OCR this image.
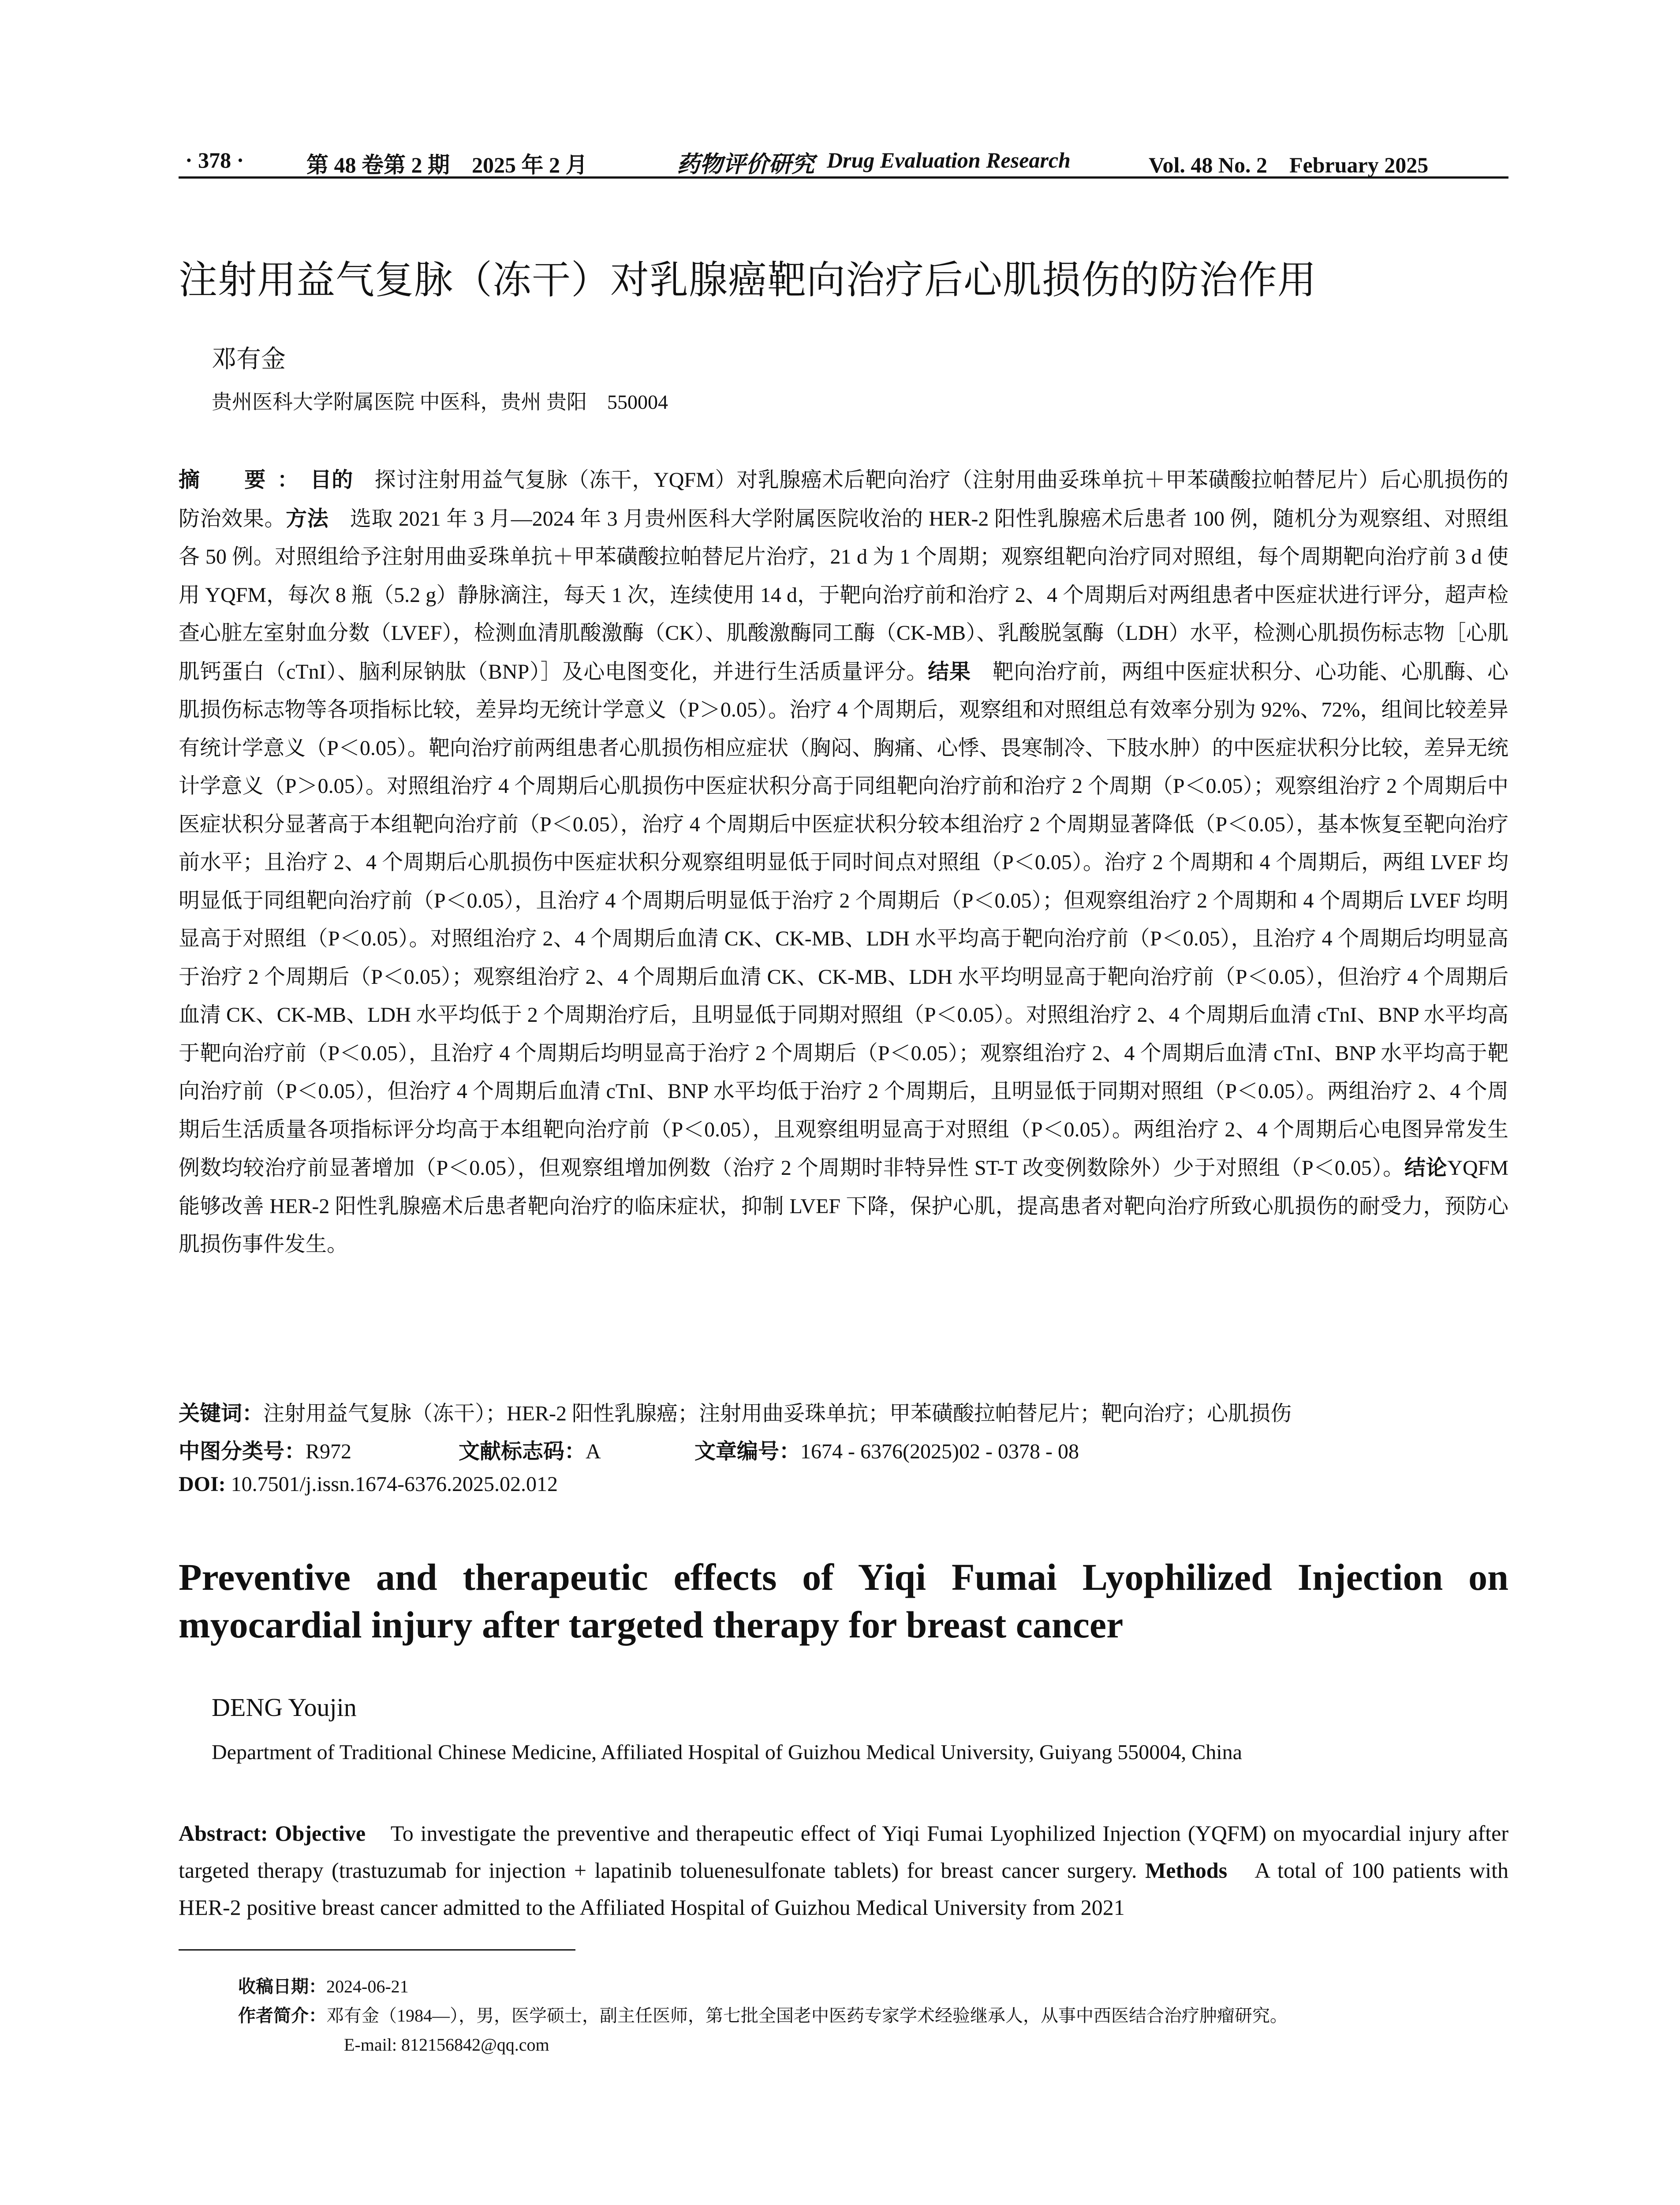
· 378 ·	第 48 卷第 2 期　2025 年 2 月	药物评价研究 Drug Evaluation Research	Vol. 48 No. 2　February 2025
注射用益气复脉（冻干）对乳腺癌靶向治疗后心肌损伤的防治作用
邓有金
贵州医科大学附属医院 中医科，贵州 贵阳　550004
摘　要：目的　探讨注射用益气复脉（冻干，YQFM）对乳腺癌术后靶向治疗（注射用曲妥珠单抗＋甲苯磺酸拉帕替尼片）后心肌损伤的防治效果。方法　选取 2021 年 3 月—2024 年 3 月贵州医科大学附属医院收治的 HER-2 阳性乳腺癌术后患者 100 例，随机分为观察组、对照组各 50 例。对照组给予注射用曲妥珠单抗＋甲苯磺酸拉帕替尼片治疗，21 d 为 1 个周期；观察组靶向治疗同对照组，每个周期靶向治疗前 3 d 使用 YQFM，每次 8 瓶（5.2 g）静脉滴注，每天 1 次，连续使用 14 d，于靶向治疗前和治疗 2、4 个周期后对两组患者中医症状进行评分，超声检查心脏左室射血分数（LVEF），检测血清肌酸激酶（CK）、肌酸激酶同工酶（CK-MB）、乳酸脱氢酶（LDH）水平，检测心肌损伤标志物［心肌肌钙蛋白（cTnI）、脑利尿钠肽（BNP）］及心电图变化，并进行生活质量评分。结果　靶向治疗前，两组中医症状积分、心功能、心肌酶、心肌损伤标志物等各项指标比较，差异均无统计学意义（P＞0.05）。治疗 4 个周期后，观察组和对照组总有效率分别为 92%、72%，组间比较差异有统计学意义（P＜0.05）。靶向治疗前两组患者心肌损伤相应症状（胸闷、胸痛、心悸、畏寒制冷、下肢水肿）的中医症状积分比较，差异无统计学意义（P＞0.05）。对照组治疗 4 个周期后心肌损伤中医症状积分高于同组靶向治疗前和治疗 2 个周期（P＜0.05）；观察组治疗 2 个周期后中医症状积分显著高于本组靶向治疗前（P＜0.05），治疗 4 个周期后中医症状积分较本组治疗 2 个周期显著降低（P＜0.05），基本恢复至靶向治疗前水平；且治疗 2、4 个周期后心肌损伤中医症状积分观察组明显低于同时间点对照组（P＜0.05）。治疗 2 个周期和 4 个周期后，两组 LVEF 均明显低于同组靶向治疗前（P＜0.05），且治疗 4 个周期后明显低于治疗 2 个周期后（P＜0.05）；但观察组治疗 2 个周期和 4 个周期后 LVEF 均明显高于对照组（P＜0.05）。对照组治疗 2、4 个周期后血清 CK、CK-MB、LDH 水平均高于靶向治疗前（P＜0.05），且治疗 4 个周期后均明显高于治疗 2 个周期后（P＜0.05）；观察组治疗 2、4 个周期后血清 CK、CK-MB、LDH 水平均明显高于靶向治疗前（P＜0.05），但治疗 4 个周期后血清 CK、CK-MB、LDH 水平均低于 2 个周期治疗后，且明显低于同期对照组（P＜0.05）。对照组治疗 2、4 个周期后血清 cTnI、BNP 水平均高于靶向治疗前（P＜0.05），且治疗 4 个周期后均明显高于治疗 2 个周期后（P＜0.05）；观察组治疗 2、4 个周期后血清 cTnI、BNP 水平均高于靶向治疗前（P＜0.05），但治疗 4 个周期后血清 cTnI、BNP 水平均低于治疗 2 个周期后，且明显低于同期对照组（P＜0.05）。两组治疗 2、4 个周期后生活质量各项指标评分均高于本组靶向治疗前（P＜0.05），且观察组明显高于对照组（P＜0.05）。两组治疗 2、4 个周期后心电图异常发生例数均较治疗前显著增加（P＜0.05），但观察组增加例数（治疗 2 个周期时非特异性 ST-T 改变例数除外）少于对照组（P＜0.05）。结论YQFM 能够改善 HER-2 阳性乳腺癌术后患者靶向治疗的临床症状，抑制 LVEF 下降，保护心肌，提高患者对靶向治疗所致心肌损伤的耐受力，预防心肌损伤事件发生。
关键词：注射用益气复脉（冻干）；HER-2 阳性乳腺癌；注射用曲妥珠单抗；甲苯磺酸拉帕替尼片；靶向治疗；心肌损伤
中图分类号：R972	文献标志码：A	文章编号：1674 - 6376(2025)02 - 0378 - 08
DOI: 10.7501/j.issn.1674-6376.2025.02.012
Preventive and therapeutic effects of Yiqi Fumai Lyophilized Injection on myocardial injury after targeted therapy for breast cancer
DENG Youjin
Department of Traditional Chinese Medicine, Affiliated Hospital of Guizhou Medical University, Guiyang 550004, China
Abstract: Objective　To investigate the preventive and therapeutic effect of Yiqi Fumai Lyophilized Injection (YQFM) on myocardial injury after targeted therapy (trastuzumab for injection + lapatinib toluenesulfonate tablets) for breast cancer surgery. Methods　A total of 100 patients with HER-2 positive breast cancer admitted to the Affiliated Hospital of Guizhou Medical University from 2021
收稿日期：2024-06-21
作者简介：邓有金（1984—），男，医学硕士，副主任医师，第七批全国老中医药专家学术经验继承人，从事中西医结合治疗肿瘤研究。
E-mail: 812156842@qq.com
